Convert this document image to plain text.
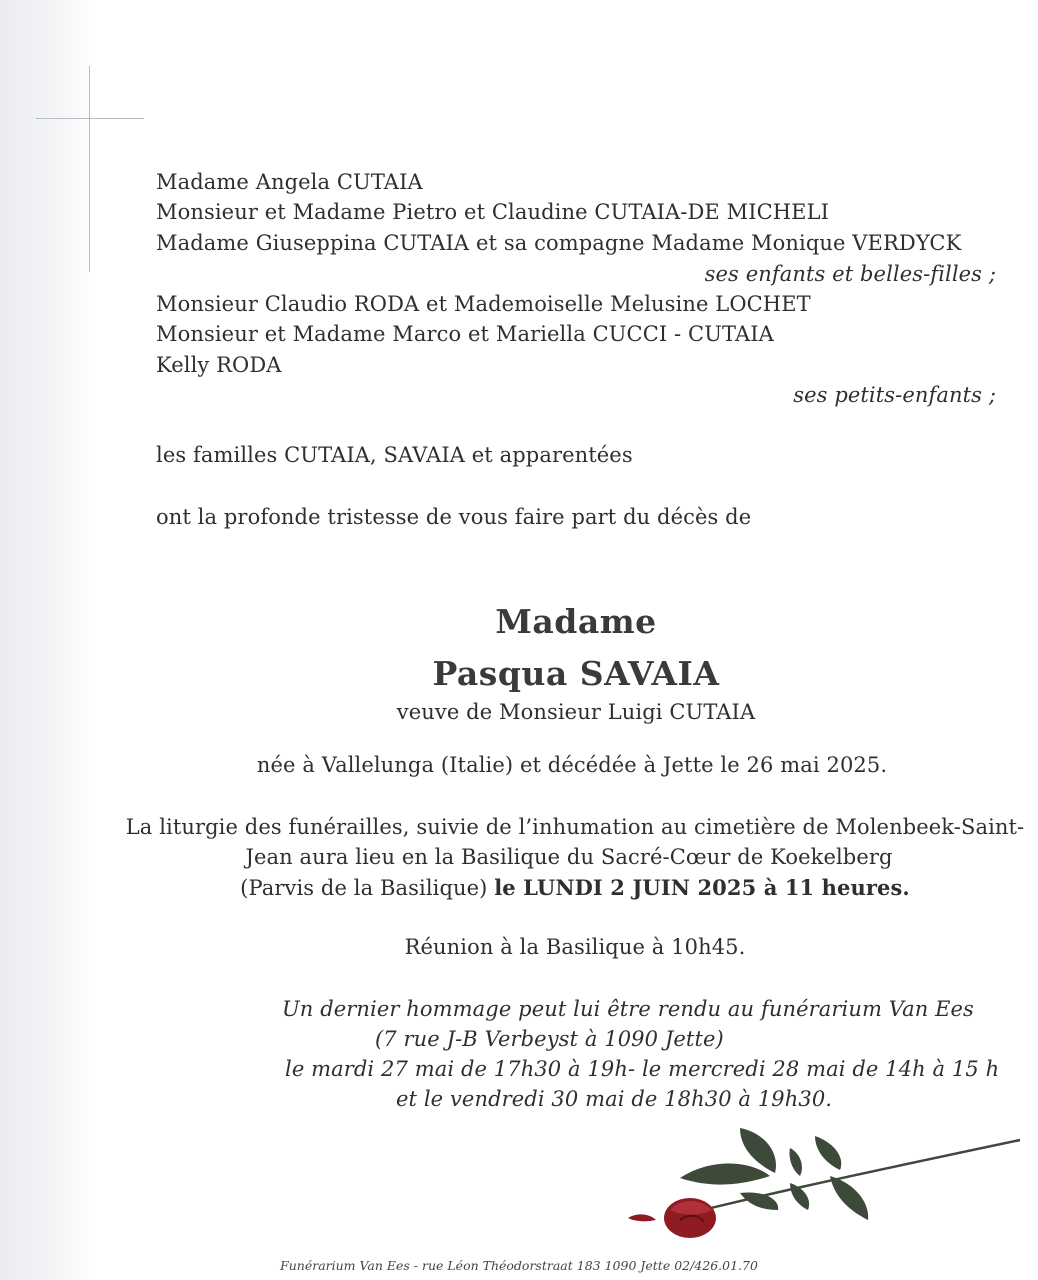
Madame Angela CUTAIA
Monsieur et Madame Pietro et Claudine CUTAIA-DE MICHELI
Madame Giuseppina CUTAIA et sa compagne Madame Monique VERDYCK
ses enfants et belles-filles ;
Monsieur Claudio RODA et Mademoiselle Melusine LOCHET
Monsieur et Madame Marco et Mariella CUCCI - CUTAIA
Kelly RODA
ses petits-enfants ;
les familles CUTAIA, SAVAIA et apparentées
ont la profonde tristesse de vous faire part du décès de
Madame
Pasqua SAVAIA
veuve de Monsieur Luigi CUTAIA
née à Vallelunga (Italie) et décédée à Jette le 26 mai 2025.
La liturgie des funérailles, suivie de l’inhumation au cimetière de Molenbeek-Saint-
Jean aura lieu en la Basilique du Sacré-Cœur de Koekelberg
(Parvis de la Basilique) le LUNDI 2 JUIN 2025 à 11 heures.
Réunion à la Basilique à 10h45.
Un dernier hommage peut lui être rendu au funérarium Van Ees
(7 rue J-B Verbeyst à 1090 Jette)
le mardi 27 mai de 17h30 à 19h- le mercredi 28 mai de 14h à 15 h
et le vendredi 30 mai de 18h30 à 19h30.
Funérarium Van Ees - rue Léon Théodorstraat 183 1090 Jette 02/426.01.70
